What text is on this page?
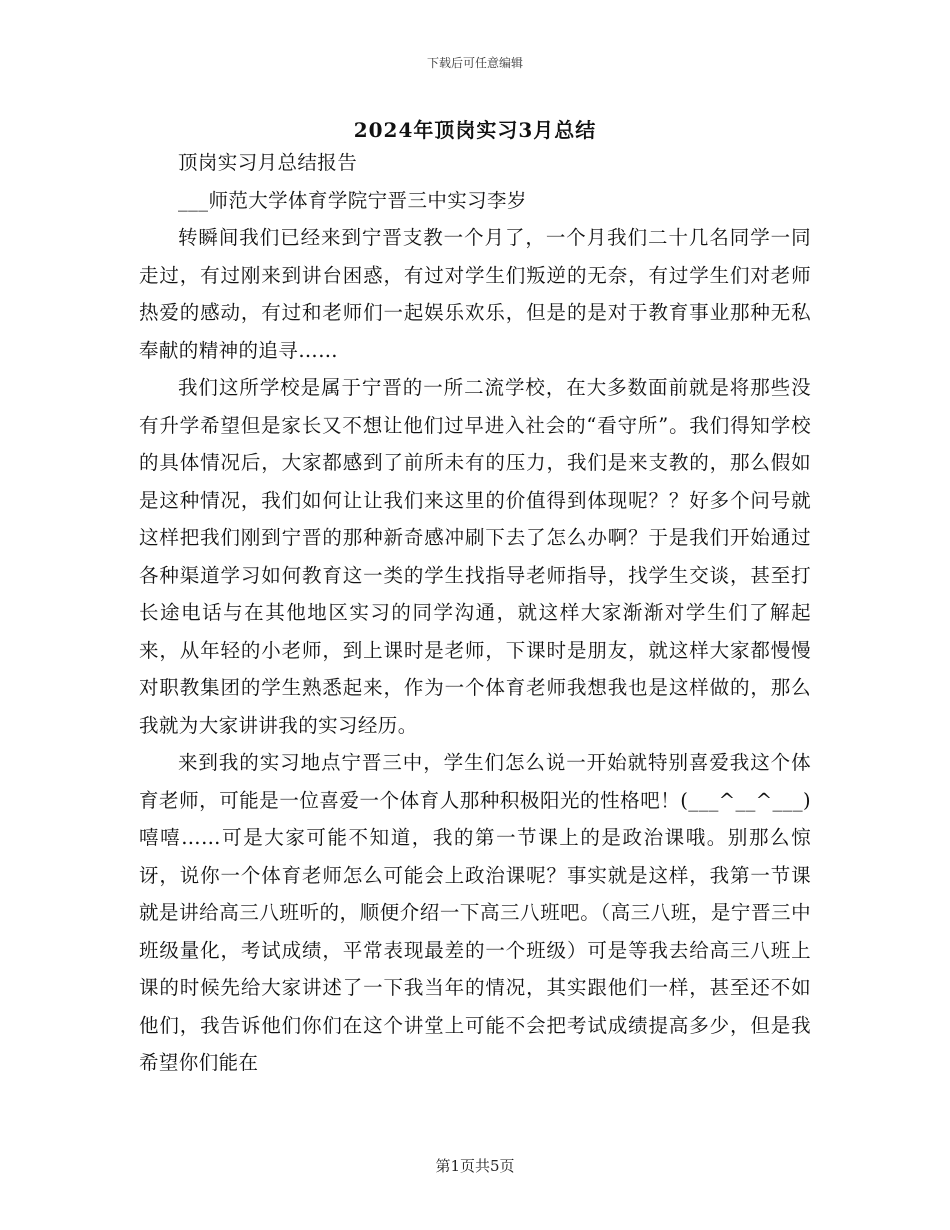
下载后可任意编辑
2024年顶岗实习3月总结

顶岗实习月总结报告

___师范大学体育学院宁晋三中实习李岁

转瞬间我们已经来到宁晋支教一个月了，一个月我们二十几名同学一同走过，有过刚来到讲台困惑，有过对学生们叛逆的无奈，有过学生们对老师热爱的感动，有过和老师们一起娱乐欢乐，但是的是对于教育事业那种无私奉献的精神的追寻……

我们这所学校是属于宁晋的一所二流学校，在大多数面前就是将那些没有升学希望但是家长又不想让他们过早进入社会的“看守所”。我们得知学校的具体情况后，大家都感到了前所未有的压力，我们是来支教的，那么假如是这种情况，我们如何让让我们来这里的价值得到体现呢？？好多个问号就这样把我们刚到宁晋的那种新奇感冲刷下去了怎么办啊？于是我们开始通过各种渠道学习如何教育这一类的学生找指导老师指导，找学生交谈，甚至打长途电话与在其他地区实习的同学沟通，就这样大家渐渐对学生们了解起来，从年轻的小老师，到上课时是老师，下课时是朋友，就这样大家都慢慢对职教集团的学生熟悉起来，作为一个体育老师我想我也是这样做的，那么我就为大家讲讲我的实习经历。

来到我的实习地点宁晋三中，学生们怎么说一开始就特别喜爱我这个体育老师，可能是一位喜爱一个体育人那种积极阳光的性格吧！(___^__^___)嘻嘻……可是大家可能不知道，我的第一节课上的是政治课哦。别那么惊讶，说你一个体育老师怎么可能会上政治课呢？事实就是这样，我第一节课就是讲给高三八班听的，顺便介绍一下高三八班吧。（高三八班，是宁晋三中班级量化，考试成绩，平常表现最差的一个班级）可是等我去给高三八班上课的时候先给大家讲述了一下我当年的情况，其实跟他们一样，甚至还不如他们，我告诉他们你们在这个讲堂上可能不会把考试成绩提高多少，但是我希望你们能在

第1页共5页
